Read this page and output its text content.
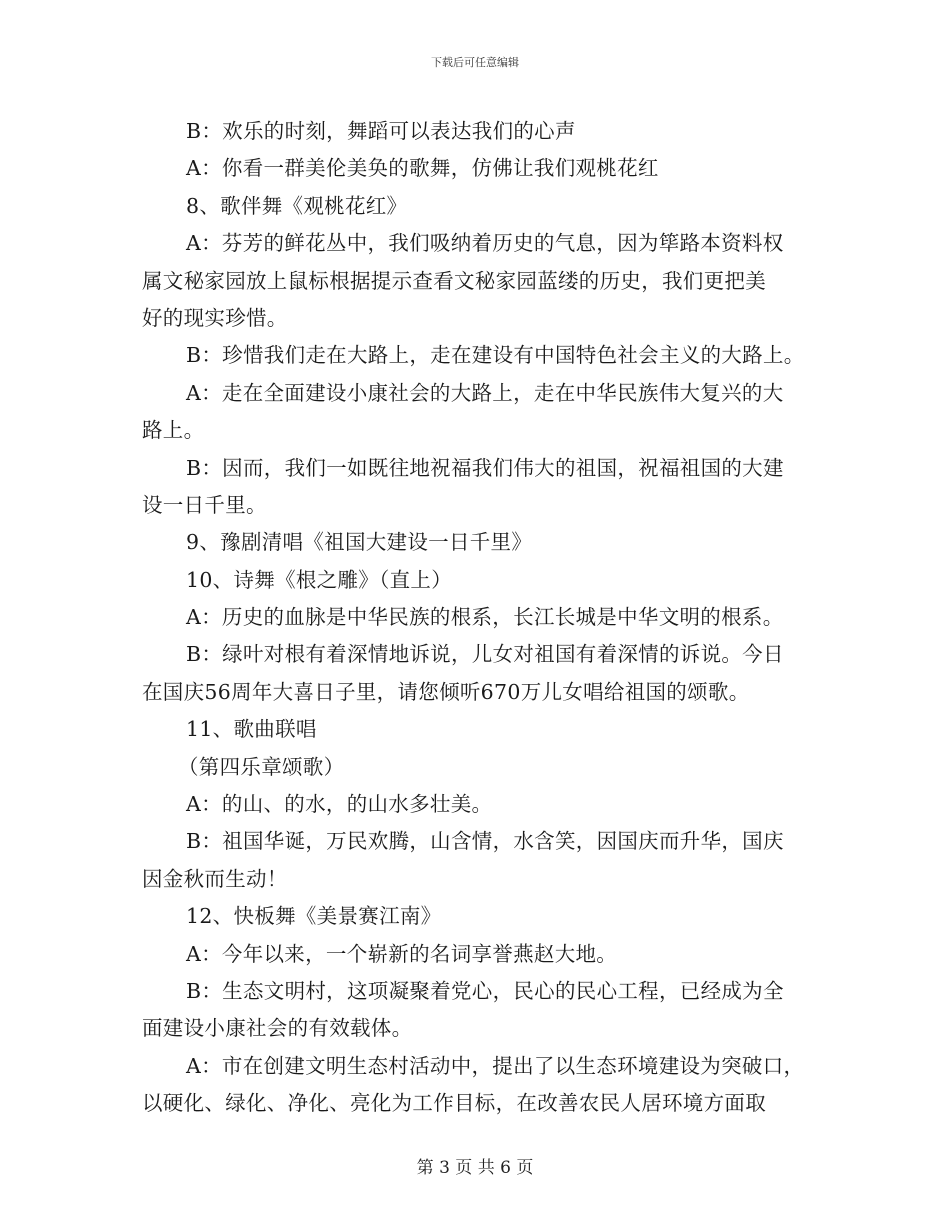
下载后可任意编辑
B：欢乐的时刻，舞蹈可以表达我们的心声
A：你看一群美伦美奂的歌舞，仿佛让我们观桃花红
8、歌伴舞《观桃花红》
A：芬芳的鲜花丛中，我们吸纳着历史的气息，因为筚路本资料权
属文秘家园放上鼠标根据提示查看文秘家园蓝缕的历史，我们更把美
好的现实珍惜。
B：珍惜我们走在大路上，走在建设有中国特色社会主义的大路上。
A：走在全面建设小康社会的大路上，走在中华民族伟大复兴的大
路上。
B：因而，我们一如既往地祝福我们伟大的祖国，祝福祖国的大建
设一日千里。
9、豫剧清唱《祖国大建设一日千里》
10、诗舞《根之雕》（直上）
A：历史的血脉是中华民族的根系，长江长城是中华文明的根系。
B：绿叶对根有着深情地诉说，儿女对祖国有着深情的诉说。今日
在国庆56周年大喜日子里，请您倾听670万儿女唱给祖国的颂歌。
11、歌曲联唱
（第四乐章颂歌）
A：的山、的水，的山水多壮美。
B：祖国华诞，万民欢腾，山含情，水含笑，因国庆而升华，国庆
因金秋而生动！
12、快板舞《美景赛江南》
A：今年以来，一个崭新的名词享誉燕赵大地。
B：生态文明村，这项凝聚着党心，民心的民心工程，已经成为全
面建设小康社会的有效载体。
A：市在创建文明生态村活动中，提出了以生态环境建设为突破口，
以硬化、绿化、净化、亮化为工作目标，在改善农民人居环境方面取
第 3 页 共 6 页
